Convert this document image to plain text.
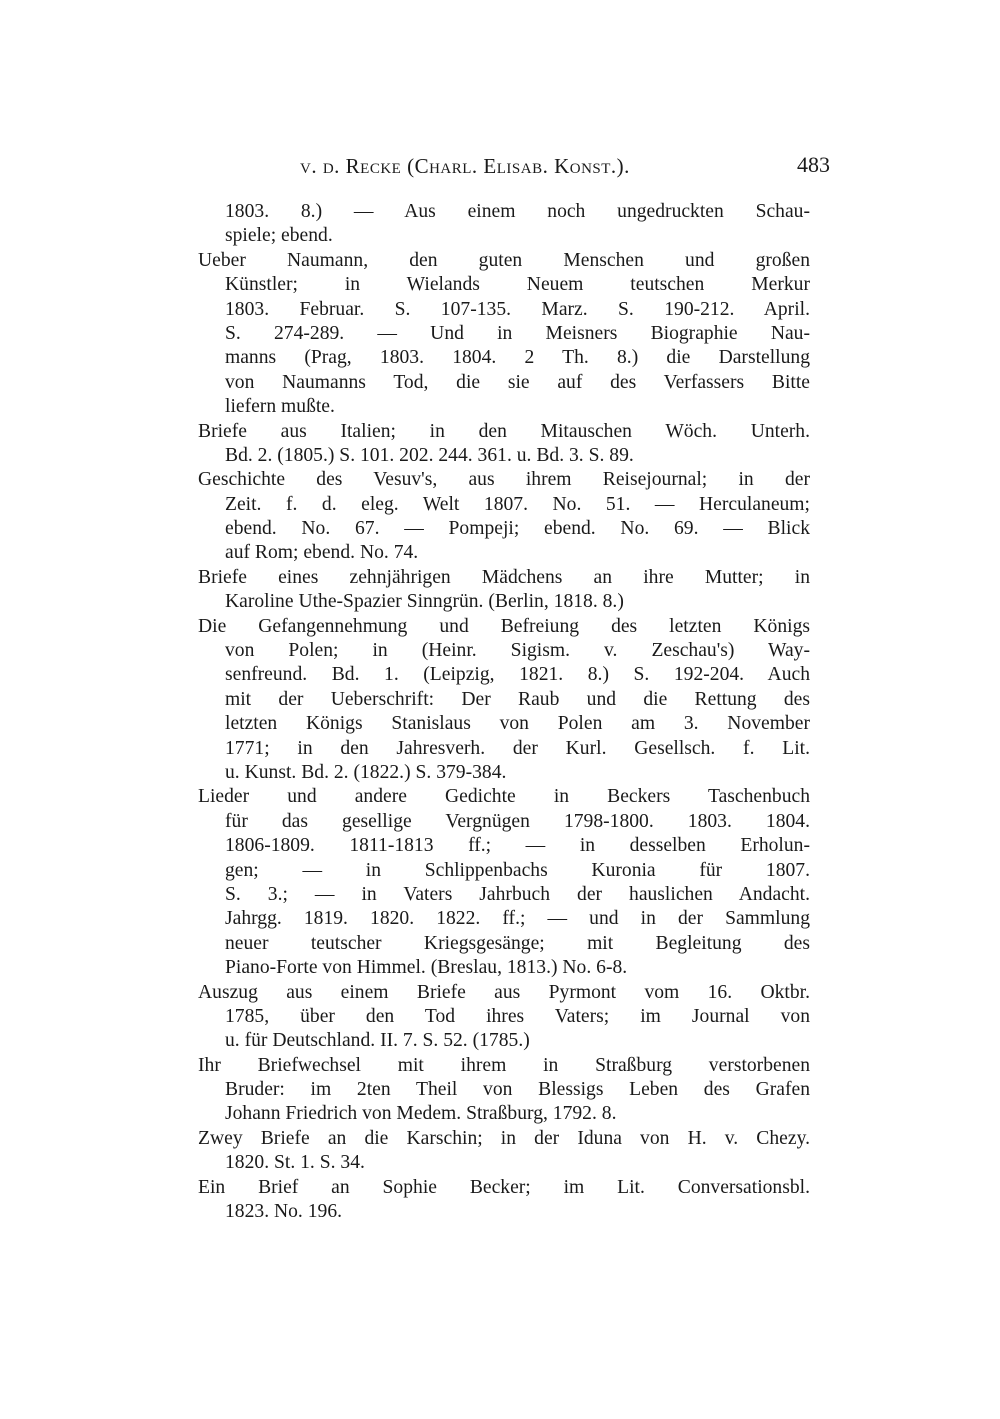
v. d. Recke (Charl. Elisab. Konst.).	483
1803. 8.) — Aus einem noch ungedruckten Schau-
spiele; ebend.
Ueber Naumann, den guten Menschen und großen
Künstler; in Wielands Neuem teutschen Merkur
1803. Februar. S. 107-135. Marz. S. 190-212. April.
S. 274-289. — Und in Meisners Biographie Nau-
manns (Prag, 1803. 1804. 2 Th. 8.) die Darstellung
von Naumanns Tod, die sie auf des Verfassers Bitte
liefern mußte.
Briefe aus Italien; in den Mitauschen Wöch. Unterh.
Bd. 2. (1805.) S. 101. 202. 244. 361. u. Bd. 3. S. 89.
Geschichte des Vesuv's, aus ihrem Reisejournal; in der
Zeit. f. d. eleg. Welt 1807. No. 51. — Herculaneum;
ebend. No. 67. — Pompeji; ebend. No. 69. — Blick
auf Rom; ebend. No. 74.
Briefe eines zehnjährigen Mädchens an ihre Mutter; in
Karoline Uthe-Spazier Sinngrün. (Berlin, 1818. 8.)
Die Gefangennehmung und Befreiung des letzten Königs
von Polen; in (Heinr. Sigism. v. Zeschau's) Way-
senfreund. Bd. 1. (Leipzig, 1821. 8.) S. 192-204. Auch
mit der Ueberschrift: Der Raub und die Rettung des
letzten Königs Stanislaus von Polen am 3. November
1771; in den Jahresverh. der Kurl. Gesellsch. f. Lit.
u. Kunst. Bd. 2. (1822.) S. 379-384.
Lieder und andere Gedichte in Beckers Taschenbuch
für das gesellige Vergnügen 1798-1800. 1803. 1804.
1806-1809. 1811-1813 ff.; — in desselben Erholun-
gen; — in Schlippenbachs Kuronia für 1807.
S. 3.; — in Vaters Jahrbuch der hauslichen Andacht.
Jahrgg. 1819. 1820. 1822. ff.; — und in der Sammlung
neuer teutscher Kriegsgesänge; mit Begleitung des
Piano-Forte von Himmel. (Breslau, 1813.) No. 6-8.
Auszug aus einem Briefe aus Pyrmont vom 16. Oktbr.
1785, über den Tod ihres Vaters; im Journal von
u. für Deutschland. II. 7. S. 52. (1785.)
Ihr Briefwechsel mit ihrem in Straßburg verstorbenen
Bruder: im 2ten Theil von Blessigs Leben des Grafen
Johann Friedrich von Medem. Straßburg, 1792. 8.
Zwey Briefe an die Karschin; in der Iduna von H. v. Chezy.
1820. St. 1. S. 34.
Ein Brief an Sophie Becker; im Lit. Conversationsbl.
1823. No. 196.
